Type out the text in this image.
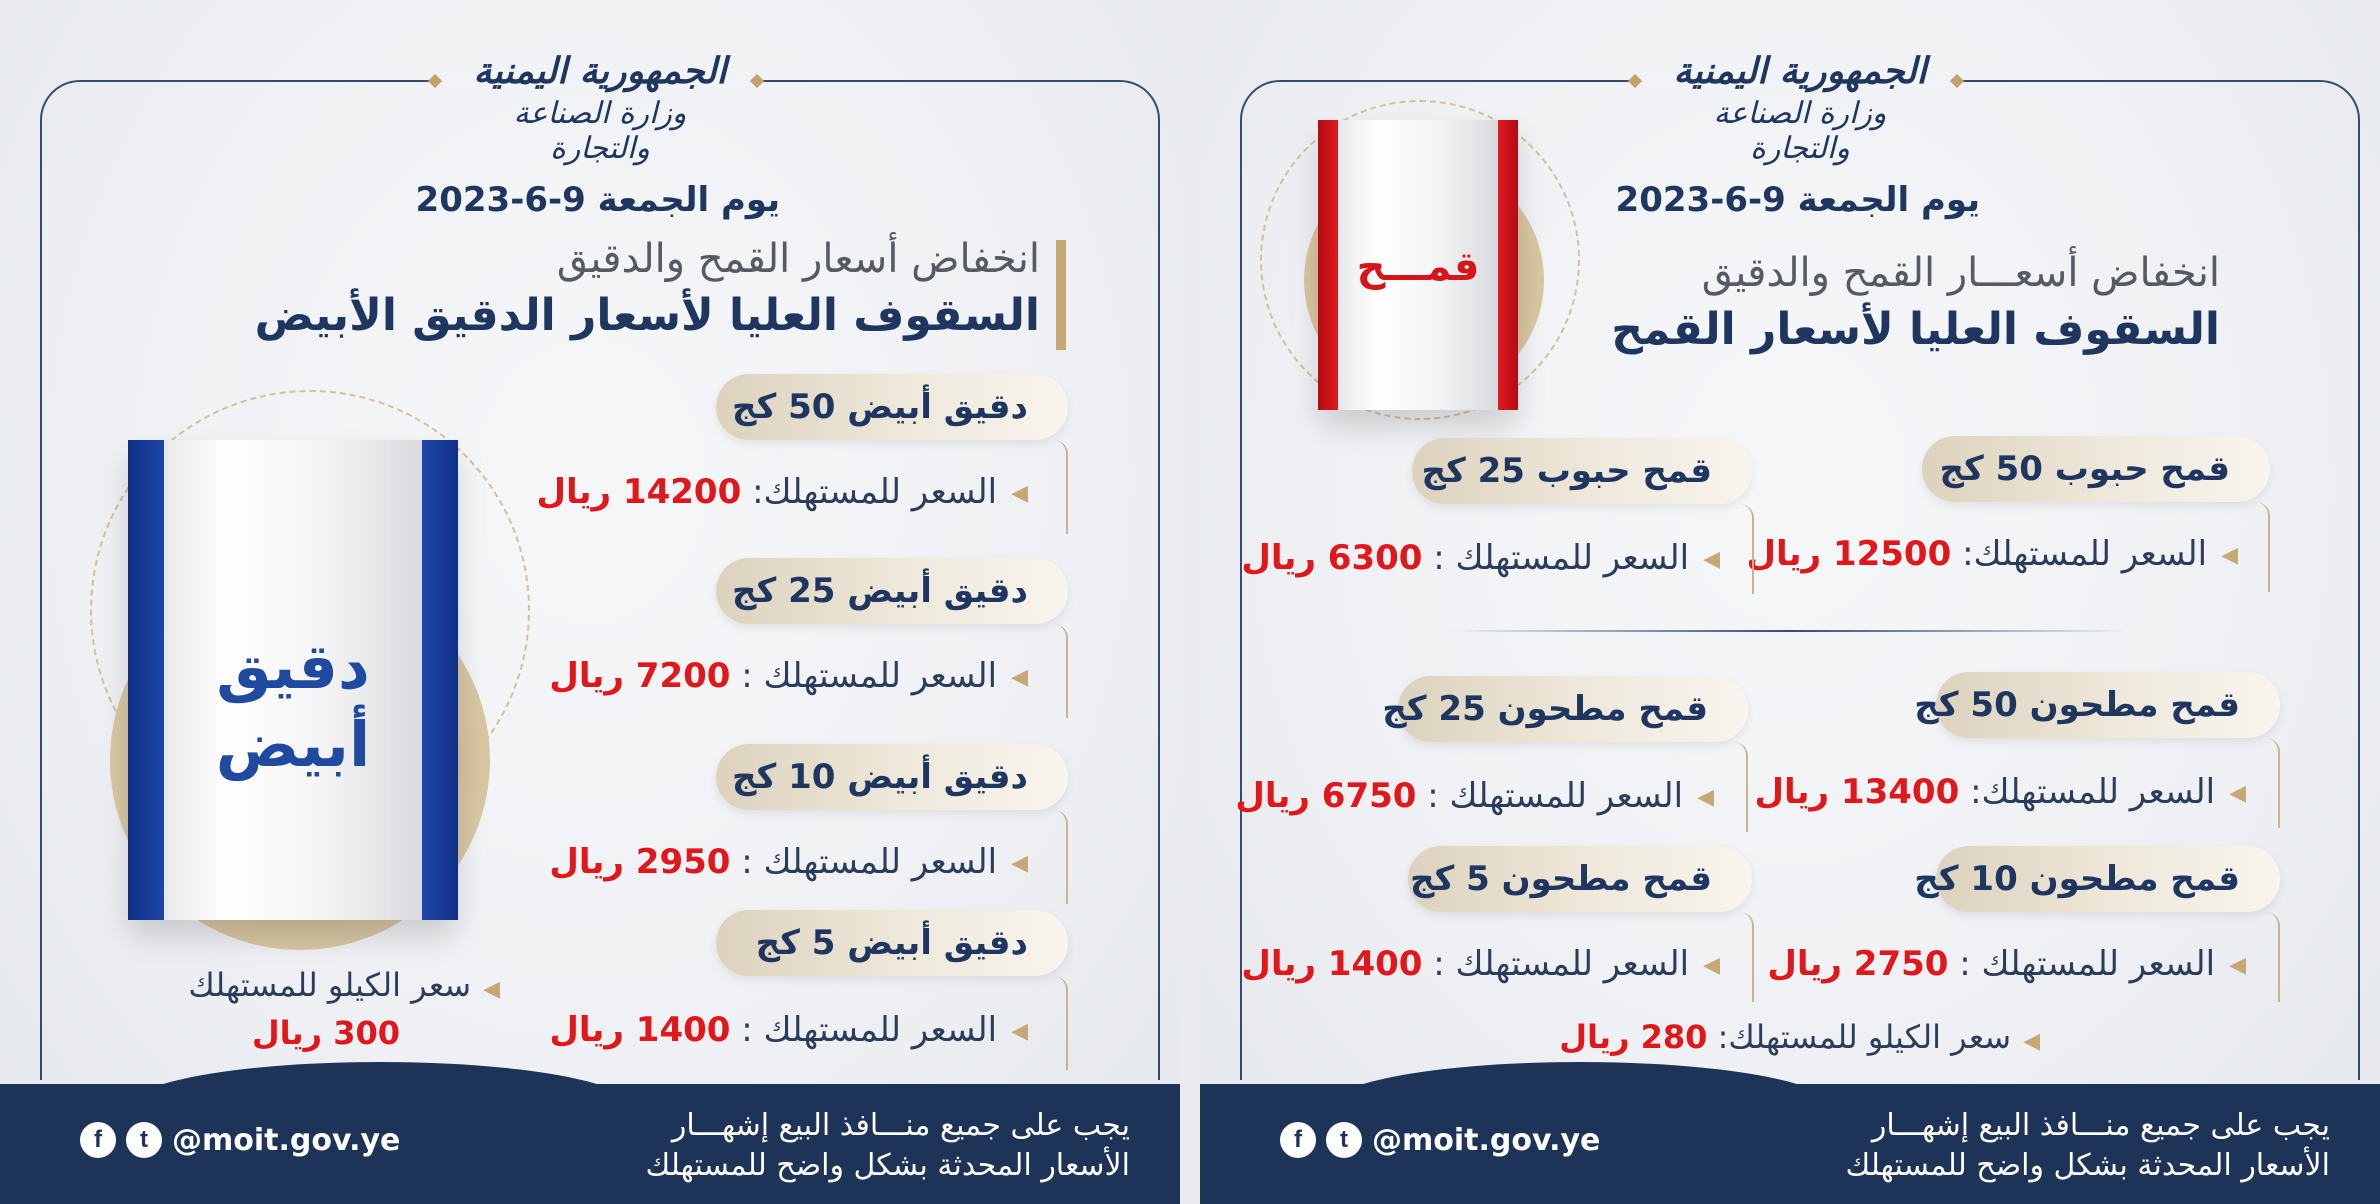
الجمهورية اليمنية
وزارة الصناعة والتجارة
يوم الجمعة 9-6-2023
انخفاض أسعار القمح والدقيق
السقوف العليا لأسعار الدقيق الأبيض
دقيق
أبيض
دقيق أبيض 50 كج
◀السعر للمستهلك: 14200 ريال
دقيق أبيض 25 كج
◀السعر للمستهلك : 7200 ريال
دقيق أبيض 10 كج
◀السعر للمستهلك : 2950 ريال
دقيق أبيض 5 كج
◀السعر للمستهلك : 1400 ريال
◀سعر الكيلو للمستهلك
300 ريال
يجب على جميع منـــافذ البيع إشهـــار
الأسعار المحدثة بشكل واضح للمستهلك
f	t @moit.gov.ye
الجمهورية اليمنية
وزارة الصناعة والتجارة
يوم الجمعة 9-6-2023
انخفاض أسعـــار القمح والدقيق
السقوف العليا لأسعار القمح
قمـــح
قمح حبوب 50 كج
◀السعر للمستهلك: 12500 ريال
قمح حبوب 25 كج
◀السعر للمستهلك : 6300 ريال
قمح مطحون 50 كج
◀السعر للمستهلك: 13400 ريال
قمح مطحون 25 كج
◀السعر للمستهلك : 6750 ريال
قمح مطحون 10 كج
◀السعر للمستهلك : 2750 ريال
قمح مطحون 5 كج
◀السعر للمستهلك : 1400 ريال
◀سعر الكيلو للمستهلك: 280 ريال
يجب على جميع منـــافذ البيع إشهـــار
الأسعار المحدثة بشكل واضح للمستهلك
f	t @moit.gov.ye
